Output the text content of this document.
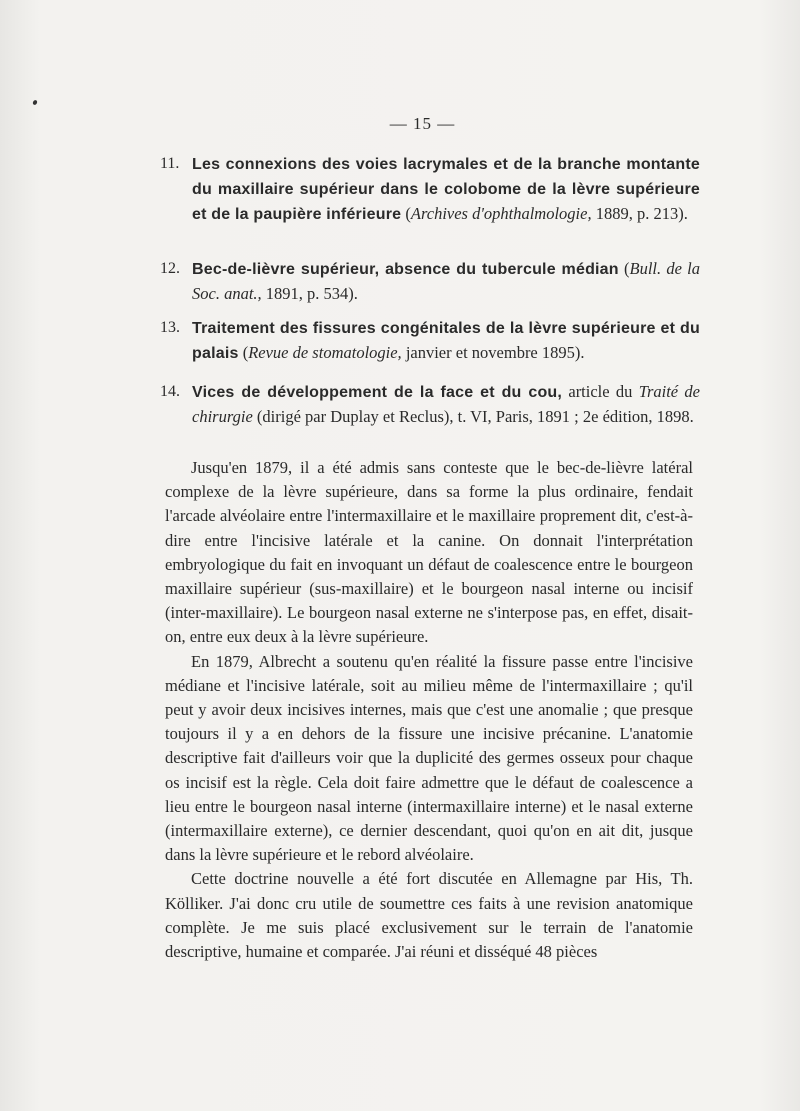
— 15 —
11. Les connexions des voies lacrymales et de la branche montante du maxillaire supérieur dans le colobome de la lèvre supérieure et de la paupière inférieure (Archives d'ophthalmologie, 1889, p. 213).
12. Bec-de-lièvre supérieur, absence du tubercule médian (Bull. de la Soc. anat., 1891, p. 534).
13. Traitement des fissures congénitales de la lèvre supérieure et du palais (Revue de stomatologie, janvier et novembre 1895).
14. Vices de développement de la face et du cou, article du Traité de chirurgie (dirigé par Duplay et Reclus), t. VI, Paris, 1891 ; 2e édition, 1898.

Jusqu'en 1879, il a été admis sans conteste que le bec-de-lièvre latéral complexe de la lèvre supérieure, dans sa forme la plus ordinaire, fendait l'arcade alvéolaire entre l'intermaxillaire et le maxillaire proprement dit, c'est-à-dire entre l'incisive latérale et la canine. On donnait l'interprétation embryologique du fait en invoquant un défaut de coalescence entre le bourgeon maxillaire supérieur (sus-maxillaire) et le bourgeon nasal interne ou incisif (inter-maxillaire). Le bourgeon nasal externe ne s'interpose pas, en effet, disait-on, entre eux deux à la lèvre supérieure.

En 1879, Albrecht a soutenu qu'en réalité la fissure passe entre l'incisive médiane et l'incisive latérale, soit au milieu même de l'intermaxillaire ; qu'il peut y avoir deux incisives internes, mais que c'est une anomalie ; que presque toujours il y a en dehors de la fissure une incisive précanine. L'anatomie descriptive fait d'ailleurs voir que la duplicité des germes osseux pour chaque os incisif est la règle. Cela doit faire admettre que le défaut de coalescence a lieu entre le bourgeon nasal interne (intermaxillaire interne) et le nasal externe (intermaxillaire externe), ce dernier descendant, quoi qu'on en ait dit, jusque dans la lèvre supérieure et le rebord alvéolaire.

Cette doctrine nouvelle a été fort discutée en Allemagne par His, Th. Kölliker. J'ai donc cru utile de soumettre ces faits à une revision anatomique complète. Je me suis placé exclusivement sur le terrain de l'anatomie descriptive, humaine et comparée. J'ai réuni et disséqué 48 pièces
